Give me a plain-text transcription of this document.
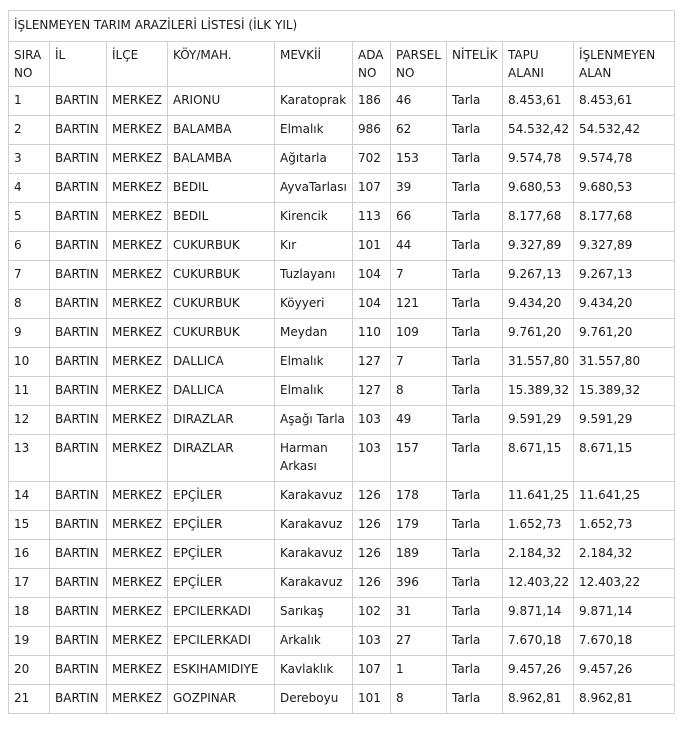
İŞLENMEYEN TARIM ARAZİLERİ LİSTESİ (İLK YIL)									
SIRA NO	İL	İLÇE	KÖY/MAH.	MEVKİİ	ADA NO	PARSEL NO	NİTELİK	TAPU ALANI	İŞLENMEYEN ALAN
1	BARTIN	MERKEZ	ARIONU	Karatoprak	186	46	Tarla	8.453,61	8.453,61
2	BARTIN	MERKEZ	BALAMBA	Elmalık	986	62	Tarla	54.532,42	54.532,42
3	BARTIN	MERKEZ	BALAMBA	Ağıtarla	702	153	Tarla	9.574,78	9.574,78
4	BARTIN	MERKEZ	BEDIL	AyvaTarlası	107	39	Tarla	9.680,53	9.680,53
5	BARTIN	MERKEZ	BEDIL	Kirencik	113	66	Tarla	8.177,68	8.177,68
6	BARTIN	MERKEZ	CUKURBUK	Kır	101	44	Tarla	9.327,89	9.327,89
7	BARTIN	MERKEZ	CUKURBUK	Tuzlayanı	104	7	Tarla	9.267,13	9.267,13
8	BARTIN	MERKEZ	CUKURBUK	Köyyeri	104	121	Tarla	9.434,20	9.434,20
9	BARTIN	MERKEZ	CUKURBUK	Meydan	110	109	Tarla	9.761,20	9.761,20
10	BARTIN	MERKEZ	DALLICA	Elmalık	127	7	Tarla	31.557,80	31.557,80
11	BARTIN	MERKEZ	DALLICA	Elmalık	127	8	Tarla	15.389,32	15.389,32
12	BARTIN	MERKEZ	DIRAZLAR	Aşağı Tarla	103	49	Tarla	9.591,29	9.591,29
13	BARTIN	MERKEZ	DIRAZLAR	Harman Arkası	103	157	Tarla	8.671,15	8.671,15
14	BARTIN	MERKEZ	EPÇİLER	Karakavuz	126	178	Tarla	11.641,25	11.641,25
15	BARTIN	MERKEZ	EPÇİLER	Karakavuz	126	179	Tarla	1.652,73	1.652,73
16	BARTIN	MERKEZ	EPÇİLER	Karakavuz	126	189	Tarla	2.184,32	2.184,32
17	BARTIN	MERKEZ	EPÇİLER	Karakavuz	126	396	Tarla	12.403,22	12.403,22
18	BARTIN	MERKEZ	EPCILERKADI	Sarıkaş	102	31	Tarla	9.871,14	9.871,14
19	BARTIN	MERKEZ	EPCILERKADI	Arkalık	103	27	Tarla	7.670,18	7.670,18
20	BARTIN	MERKEZ	ESKIHAMIDIYE	Kavlaklık	107	1	Tarla	9.457,26	9.457,26
21	BARTIN	MERKEZ	GOZPINAR	Dereboyu	101	8	Tarla	8.962,81	8.962,81
